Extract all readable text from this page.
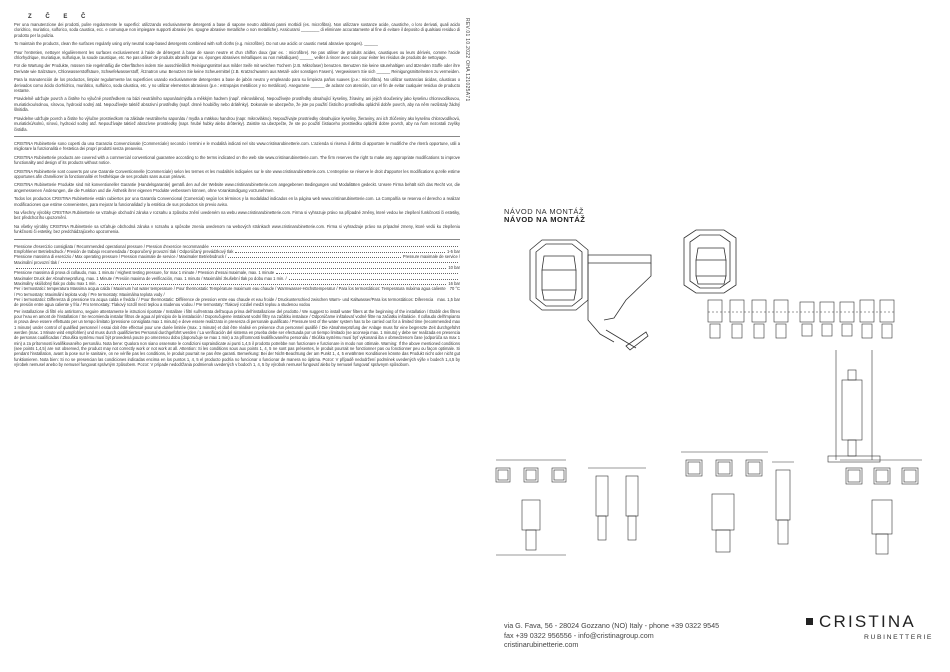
Z Č E Č

Per una manutenzione dei prodotti, pulire regolarmente le superfici: utilizzando esclusivamente detergenti a base di sapone neutro abbinati panni morbidi (es. microfibra). Non utilizzare sostanze acide, caustiche, o loro derivati, quali acido cloridrico, muriatico, solforico, soda caustica, ecc. e comunque non impiegare supporti abrasivi (es. spugne abrasive metalliche o non metalliche). Assicurarsi ________ di eliminare accuratamente al fine di evitare il deposito di qualsiasi residuo di prodotto per la pulizia.

To maintain the products, clean the surfaces regularly using only neutral soap-based detergents combined with soft cloths (e.g. microfibre). Do not use acidic or caustic metal abrasive sponges). ______

Pour l'entretien, nettoyer régulièrement les surfaces exclusivement à l'aide de détergent à base de savon neutre et d'un chiffon doux (par ex. : microfibre). Ne pas utiliser de produits acides, caustiques ou leurs dérivés, comme l'acide chlorhydrique, muriatique, sulfurique, la soude caustique, etc. Ne pas utiliser de produits abrasifs (par ex. éponges abrasives métalliques ou non métalliques) ______ veiller à rincer avec soin pour éviter les résidus de produits de nettoyage.

Für die Wartung der Produkte, müssen Sie regelmäßig die Oberflächen indem Sie ausschließlich Reinigungsmittel aus milder Seife mit weichen Tüchern (z.B. Mikrofaser) benutzen. Benutzen Sie keine säurehaltigen und ätzenden Stoffe oder ihre Derivate wie Salzsäure, Chlorwasserstoffsäure, Schwefelwasserstoff, Ätznatron usw. Benutzen Sie keine Scheuermittel (z.B. Kratzschwamm aus Metall- oder sonstigen Fasern). Vergewissern Sie sich ______ Reinigungsmittelresten zu vermeiden.

Para la manutención de los productos, limpiar regularmente las superficies usando exclusivamente detergentes a base de jabón neutro y empleando para su limpieza paños suaves (p.e.: microfibra). No utilizar sustancias ácidas, cáusticas o derivados como ácido clorhídrico, muriático, sulfúrico, soda cáustica, etc. y no utilizar elementos abrasivos (p.e.: estropajos metálicos y no metálicos). Asegurarse ______ de aclarar con atención, con el fin de evitar cualquier residuo de producto restante.

Pravidelně udržujte povrch a čistěte ho výlučně prostředkem na bázi neutrálního saponátu/mýdla a měkkým hadrem (např. mikrovlákno). Nepoužívejte prostředky obsahující kyseliny, žíraviny, ani jejich sloučeniny jako kyselinu chlorovodíkovou, muriatickou/solnou, sírovou, hydroxid sodný atd. Nepoužívejte taktéž abrazivní prostředky (např. drsné houbičky nebo drátěnky). Dokonale se ubezpečte, že jste po použití čisticího prostředku opláchli dobře povrch, aby na něm nezůstaly žádný šlnitidla.

Pravidelne udržujte povrch a čistite ho výlučne prostriedkom na základe neutrálneho saponátu / mydla a mäkkou handrou (napr. mikrovlákno). Nepoužívajte prostriedky obsahujúce kyseliny, žieraviny, ani ich zlúčeniny ako kyselinu chlorovodíkovú, muriatickú/solnú, sírovú, hydroxid sodný atď. Nepoužívajte taktiež abrazívne prostriedky (napr. hrubé hubky alebo drôtenky). Zaistite sa ubezpečte, že ste po použití čistiaceho prostriedku opláchli dobre povrch, aby na ňom nezostali zvyšky čistidla.

CRISTINA Rubinetterie sono coperti da una Garanzia Convenzionale (Commerciale) secondo i termini e le modalità indicati nel sito www.cristinarubinetterie.com. L'azienda si riserva il diritto di apportare le modifiche che riterrà opportune, utili a migliorare la funzionalità e l'estetica dei propri prodotti senza preavviso.

CRISTINA Rubinetterie products are covered with a commercial conventional guarantee according to the terms indicated on the web site www.cristinarubinetterie.com. The firm reserves the right to make any appropriate modifications to improve functionality and design of its products without notice.

CRISTINA Rubinetterie sont couverts par une Garantie Conventionnelle (Commerciale) selon les termes et les modalités indiquées sur le site www.cristinarubinetterie.com. L'entreprise se réserve le droit d'apporter les modifications qu'elle estime opportunes afin d'améliorer la fonctionnalité et l'esthétique de ses produits sans aucun préavis.

CRISTINA Rubinetterie Produkte sind mit konventioneller Garantie (Handelsgarantie) gemäß den auf der Website www.cristinarubinetterie.com angegebenen Bedingungen und Modalitäten gedeckt. Unsere Firma behält sich das Recht vor, die angemessenen Änderungen, die die Funktion und die Ästhetik ihrer eigenen Produkte verbessern können, ohne Vorankündigung vorzunehmen.

Todos los productos CRISTINA Rubinetterie están cubiertos por una Garantía Convencional (Comercial) según los términos y la modalidad indicados en la página web www.cristinarubinetterie.com. La Compañía se reserva el derecho a realizar modificaciones que estime convenientes, para mejorar la funcionalidad y la estética de sus productos sin previo aviso.

Na všechny výrobky CRISTINA Rubinetterie se vztahuje obchodní záruka v rozsahu a způsobu znění uvedeném na webu www.cristinarubinetterie.com. Firma si vyhrazuje právo na případné změny, které vedou ke zlepšení funkčnosti či estetiky, bez předchozího upozornění.

Na všetky výrobky CRISTINA Rubinetterie sa vzťahuje obchodná záruka v rozsahu a spôsobe znenia uvedenom na webových stránkach www.cristinarubinetterie.com. Firma si vyhradzuje právo na prípadné zmeny, ktoré vedú ku zlepšeniu funkčnosti či estetiky, bez predchádzajúceho upozornenia.

Pressione d'esercizio consigliata / Recommended operational pressure / Pression d'exercice recommandée
Empfohlener Betriebsdruck / Presión de trabajo recomendada / Doporučený provozní tlak / Odporúčaný prevádzkový tlak	1-5 bar
Pressione massima di esercizio / Max operating pressure / Pression maximale de service / Maximaler Betriebsdruck /	Pressure maximale de service /
Maximální provozní tlak /
10 bar
Pressione massima di prova di collaudo, max. 1 minuto / Highest testing pressure, for max 1 minute / Pression d'essai maximale, max. 1 minute
Maximaler Druck der Abnahmeprüfung, max. 1 Minute / Presión maxima de verificación, max. 1 minuto / Maximální zkušební tlak po dobu max 1 min. /
Maximálny skúšobný tlak po dobu max 1 min.	16 bar
Per i termostatici: temperatura Massima acqua calda / Maximum hot water temperature / Pour thermostatic Température maximum eau chaude / Warmwasser-Höchsttemperatur / Para los termostáticos: Temperatura máxima agua caliente / Pro termostaty: Maximální teplota vody / Pre termostaty: Maximálna teplota vody /
70 °C
Per i termostatici: Differenza di pressione tra acqua calda e fredda / / Pour thermostatic: Différence de pression entre eau chaude et eau froide / Druckunterschied zwischen Warm- und Kaltwasser/Para los termostáticos: Diferencia de presión entre agua caliente y fría / Pro termostaty: Tlakový rozdíl mezi teplou a studenou vodou / Pre termostaty: Tlakový rozdiel medzi teplou a studenou vodou
max. 1,5 bar
Per installazione di filtri e/o antiritorno, seguire attentamente le istruzioni riportate / Installare i filtri sull'entrata dell'acqua prima dell'installazione del prodotto / We suggest to install water filters at the beginning of the installation / Établir des filtres pour l'eau en amont de l'installation / Se recomienda instalar filtros de agua al principio de la instalación / Doporučujeme instalovat vodní filtry na začátku instalace / Odporúčame inštalovať vodné filtre na začiatku inštalácie. Il collaudo dell'impianto in prova deve essere effettuato per un tempo limitato (pressione consigliata max 1 minuto) e deve essere realizzato in presenza di personale qualificato / Pressure test of the water system has to be carried out for a limited time (recommended max 1 minute) under control of qualified personnel / essai doit être effectué pour une durée limitée (max. 1 minute) et doit être réalisé en présence d'un personnel qualifié / Die Abnahmeprüfung der Anlage muss für eine begrenzte Zeit durchgeführt werden (max. 1 Minute wird empfohlen) und muss durch qualifiziertes Personal durchgeführt werden / La verificación del sistema en prueba debe ser efectuada por un tiempo limitado (se aconseja max. 1 minuto) y debe ser realizada en presencia de personas cualificadas / Zkouška systému musí být provedená pouze po omezenou dobu (doporučuje se max 1 min) a za přítomnosti kvalifikovaného personálu / Skúška systému musí byť vykonaná iba v obmedzenom čase (odporúča sa max 1 min) a za prítomnosti kvalifikovaného personálu. Nota bene: Qualora non siano osservate le condizioni sopraindicate ai punti 1,4,5 il prodotto potrebbe non funzionare e funzionare in modo non ottimale. Warning: If the above mentioned conditions (see points 1,4,5) are not observed, the product may not correctly work or not work at all. Attention: Si les conditions sous aux points 1, 4, 5 ne sont pas présentes, le produit pourrait ne fonctionner pas ou fonctionner peu ou façon optimale. Si pendant l'installation, avant la pose sur le sanitaire, on ne vérifie pas les conditions, le produit pourrait ne pas être garanti. Bemerkung: Bei der Nicht-Beachtung der am Punkt 1, 4, 5 erwähnten Konditionen könnte das Produkt nicht oder nicht gut funktionieren. Nota bien: Si no se presencian las condiciones indicadas encima en los puntos 1, 4, 5 el producto podría no funcionar o funcionar de manera no óptima. Pozor: V případě nedodržení podmínek uvedených výše v bodech 1,4,5 by výrobek nemusel anebo by nemusel fungovat správným způsobem. Pozor: V prípade nedodržania podmienok uvedených v bodoch 1, 4, 5 by výrobok nemusel fungovať alebo by nemusel fungovať správnym spôsobom.
REV.01 10.2022 OHA 121025A71
NÁVOD NA MONTÁŽ
NÁVOD NA MONTÁŽ
via G. Fava, 56 - 28024 Gozzano (NO) Italy - phone +39 0322 9545
fax +39 0322 956556 - info@cristinagroup.com
cristinarubinetterie.com
CRISTINA
RUBINETTERIE
